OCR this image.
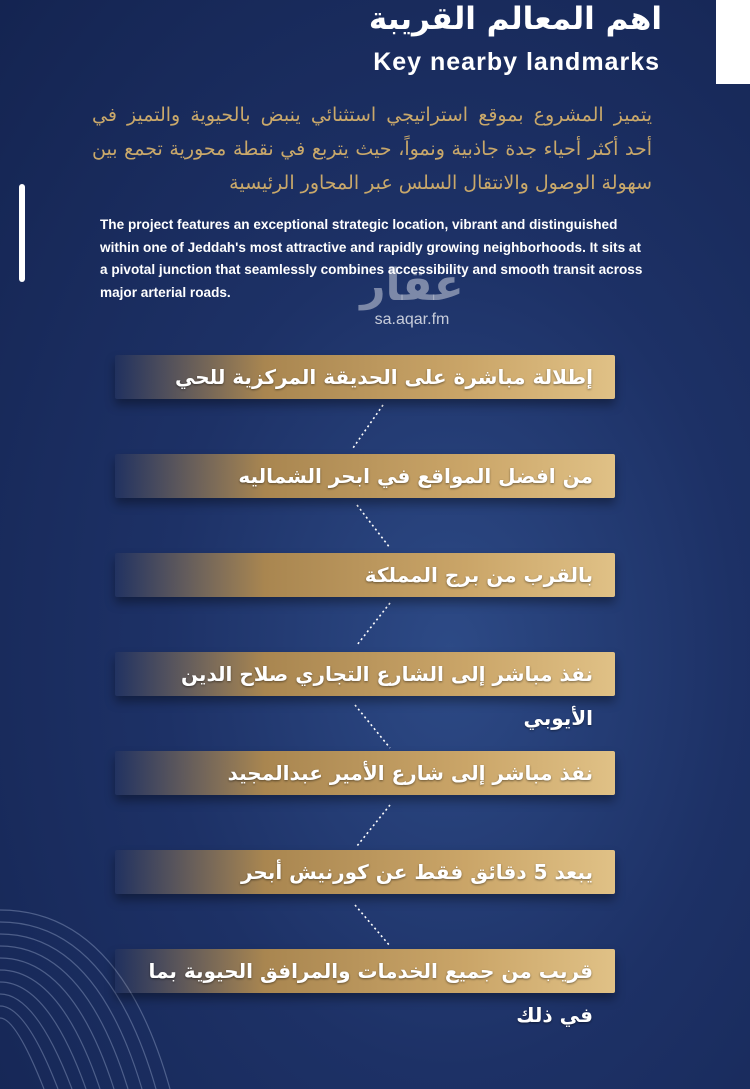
اهم المعالم القريبة
Key nearby landmarks
يتميز المشروع بموقع استراتيجي استثنائي ينبض بالحيوية والتميز في أحد أكثر أحياء جدة جاذبية ونمواً، حيث يتربع في نقطة محورية تجمع بين سهولة الوصول والانتقال السلس عبر المحاور الرئيسية
The project features an exceptional strategic location, vibrant and distinguished within one of Jeddah's most attractive and rapidly growing neighborhoods. It sits at a pivotal junction that seamlessly combines accessibility and smooth transit across major arterial roads.	عقار
sa.aqar.fm
إطلالة مباشرة على الحديقة المركزية للحي
من افضل المواقع في ابحر الشماليه
بالقرب من برج المملكة
نفذ مباشر إلى الشارع التجاري صلاح الدين الأيوبي
نفذ مباشر إلى شارع الأمير عبدالمجيد
يبعد 5 دقائق فقط عن كورنيش أبحر
قريب من جميع الخدمات والمرافق الحيوية بما في ذلك
